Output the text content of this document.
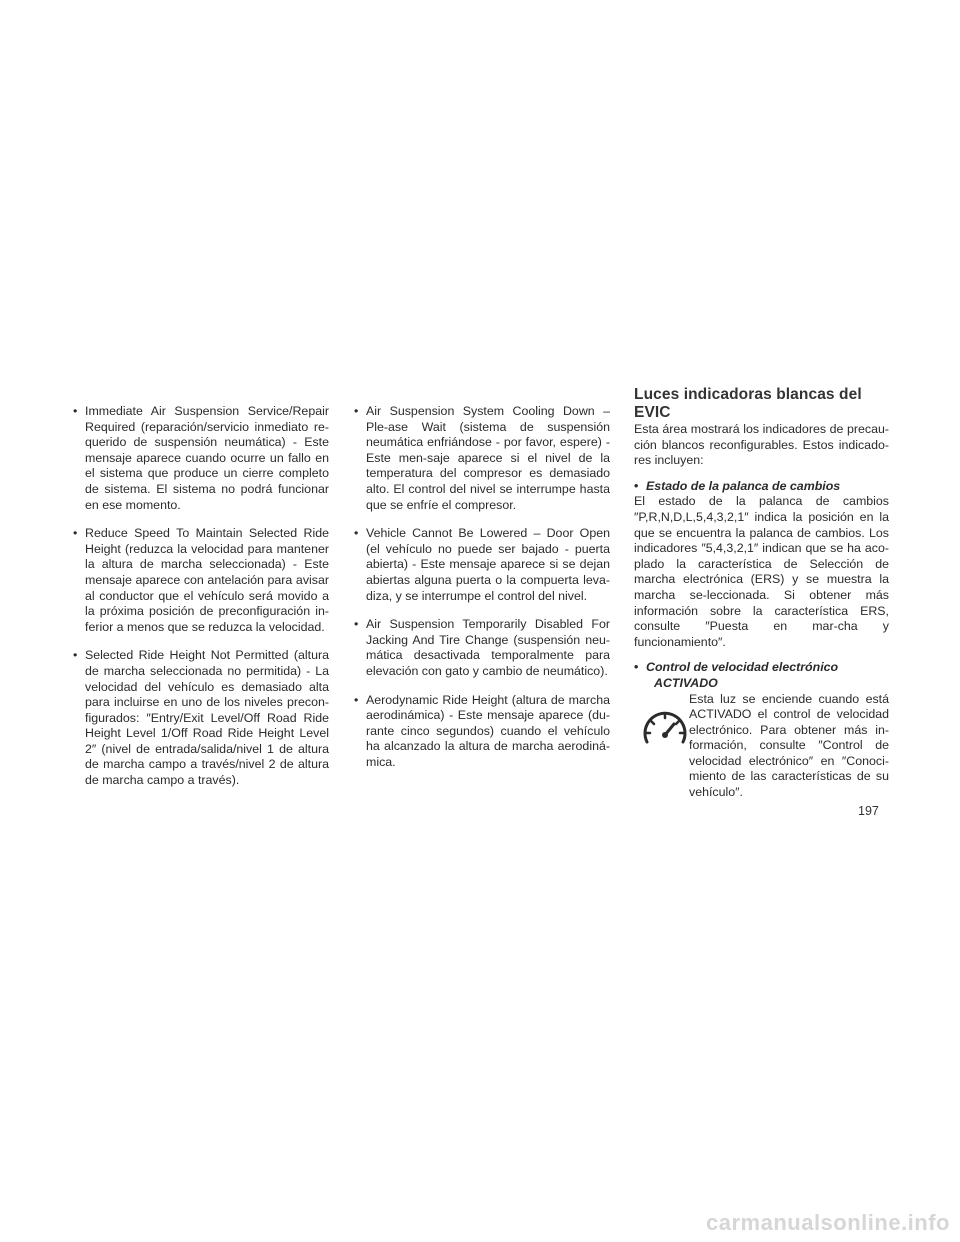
• Immediate Air Suspension Service/Repair Required (reparación/servicio inmediato re-querido de suspensión neumática) - Este mensaje aparece cuando ocurre un fallo en el sistema que produce un cierre completo de sistema. El sistema no podrá funcionar en ese momento.
• Reduce Speed To Maintain Selected Ride Height (reduzca la velocidad para mantener la altura de marcha seleccionada) - Este mensaje aparece con antelación para avisar al conductor que el vehículo será movido a la próxima posición de preconfiguración in-ferior a menos que se reduzca la velocidad.
• Selected Ride Height Not Permitted (altura de marcha seleccionada no permitida) - La velocidad del vehículo es demasiado alta para incluirse en uno de los niveles precon-figurados: ″Entry/Exit Level/Off Road Ride Height Level 1/Off Road Ride Height Level 2″ (nivel de entrada/salida/nivel 1 de altura de marcha campo a través/nivel 2 de altura de marcha campo a través).
• Air Suspension System Cooling Down – Ple-ase Wait (sistema de suspensión neumática enfriándose - por favor, espere) - Este men-saje aparece si el nivel de la temperatura del compresor es demasiado alto. El control del nivel se interrumpe hasta que se enfríe el compresor.
• Vehicle Cannot Be Lowered – Door Open (el vehículo no puede ser bajado - puerta abierta) - Este mensaje aparece si se dejan abiertas alguna puerta o la compuerta leva-diza, y se interrumpe el control del nivel.
• Air Suspension Temporarily Disabled For Jacking And Tire Change (suspensión neu-mática desactivada temporalmente para elevación con gato y cambio de neumático).
• Aerodynamic Ride Height (altura de marcha aerodinámica) - Este mensaje aparece (du-rante cinco segundos) cuando el vehículo ha alcanzado la altura de marcha aerodiná-mica.
Luces indicadoras blancas del EVIC
Esta área mostrará los indicadores de precau-ción blancos reconfigurables. Estos indicado-res incluyen:
• Estado de la palanca de cambios
El estado de la palanca de cambios ″P,R,N,D,L,5,4,3,2,1″ indica la posición en la que se encuentra la palanca de cambios. Los indicadores ″5,4,3,2,1″ indican que se ha aco-plado la característica de Selección de marcha electrónica (ERS) y se muestra la marcha se-leccionada. Si obtener más información sobre la característica ERS, consulte ″Puesta en mar-cha y funcionamiento″.
• Control de velocidad electrónico
ACTIVADO
Esta luz se enciende cuando está ACTIVADO el control de velocidad electrónico. Para obtener más in-formación, consulte ″Control de velocidad electrónico″ en ″Conoci-miento de las características de su vehículo″.
197
carmanualsonline.info
